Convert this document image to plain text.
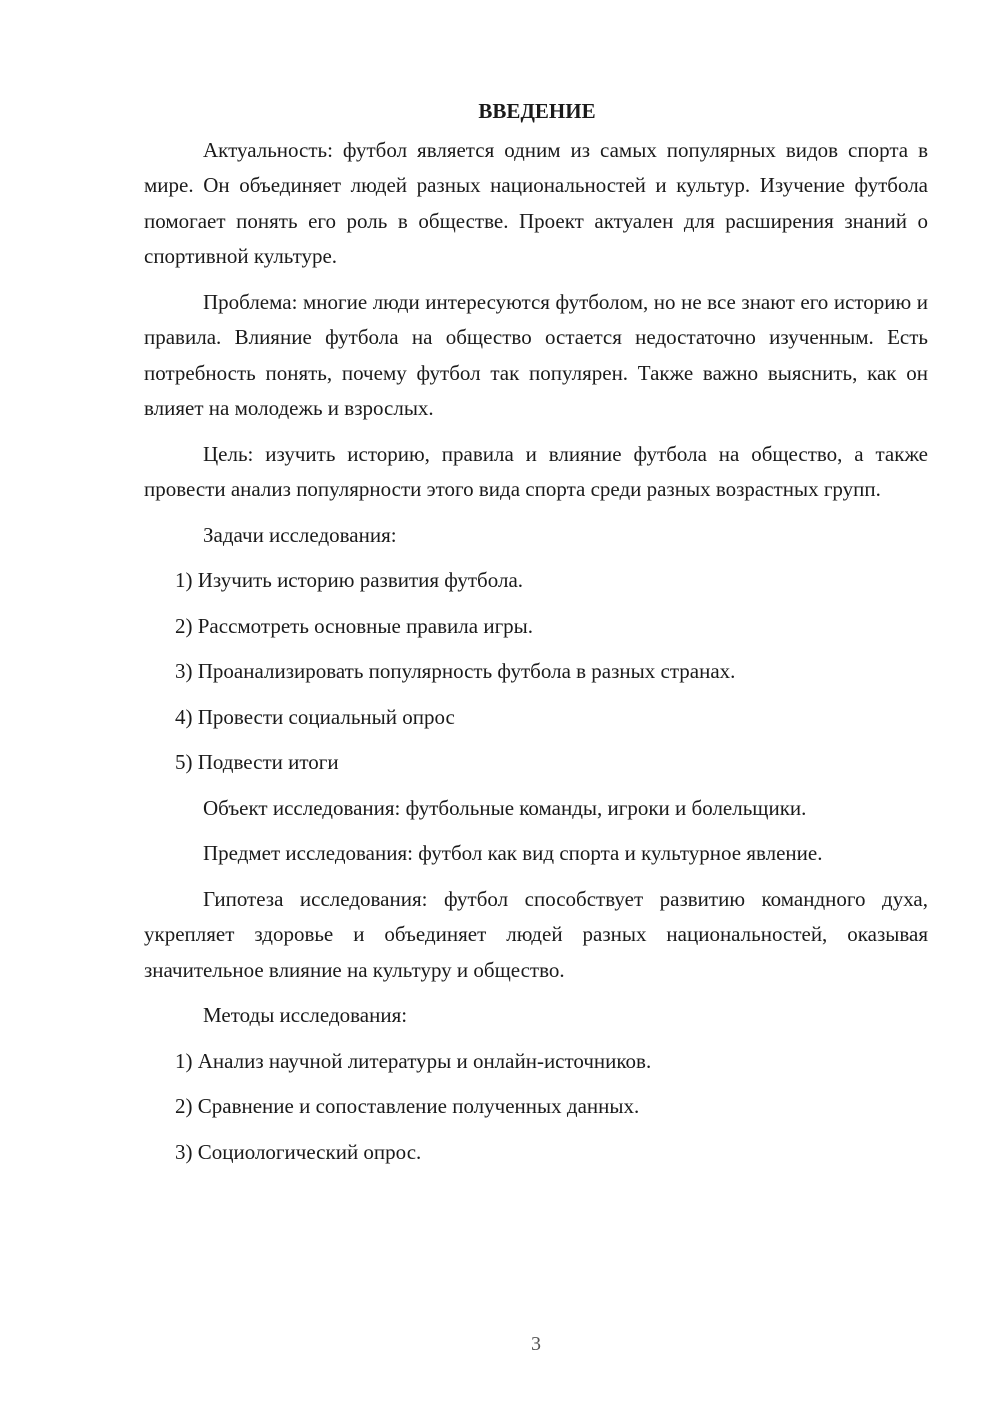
ВВЕДЕНИЕ

Актуальность: футбол является одним из самых популярных видов спорта в мире. Он объединяет людей разных национальностей и культур. Изучение футбола помогает понять его роль в обществе. Проект актуален для расширения знаний о спортивной культуре.

Проблема: многие люди интересуются футболом, но не все знают его историю и правила. Влияние футбола на общество остается недостаточно изученным. Есть потребность понять, почему футбол так популярен. Также важно выяснить, как он влияет на молодежь и взрослых.

Цель: изучить историю, правила и влияние футбола на общество, а также провести анализ популярности этого вида спорта среди разных возрастных групп.

Задачи исследования:

1) Изучить историю развития футбола.

2) Рассмотреть основные правила игры.

3) Проанализировать популярность футбола в разных странах.

4) Провести социальный опрос

5) Подвести итоги

Объект исследования: футбольные команды, игроки и болельщики.

Предмет исследования: футбол как вид спорта и культурное явление.

Гипотеза исследования: футбол способствует развитию командного духа, укрепляет здоровье и объединяет людей разных национальностей, оказывая значительное влияние на культуру и общество.

Методы исследования:

1) Анализ научной литературы и онлайн-источников.

2) Сравнение и сопоставление полученных данных.

3) Социологический опрос.

3
